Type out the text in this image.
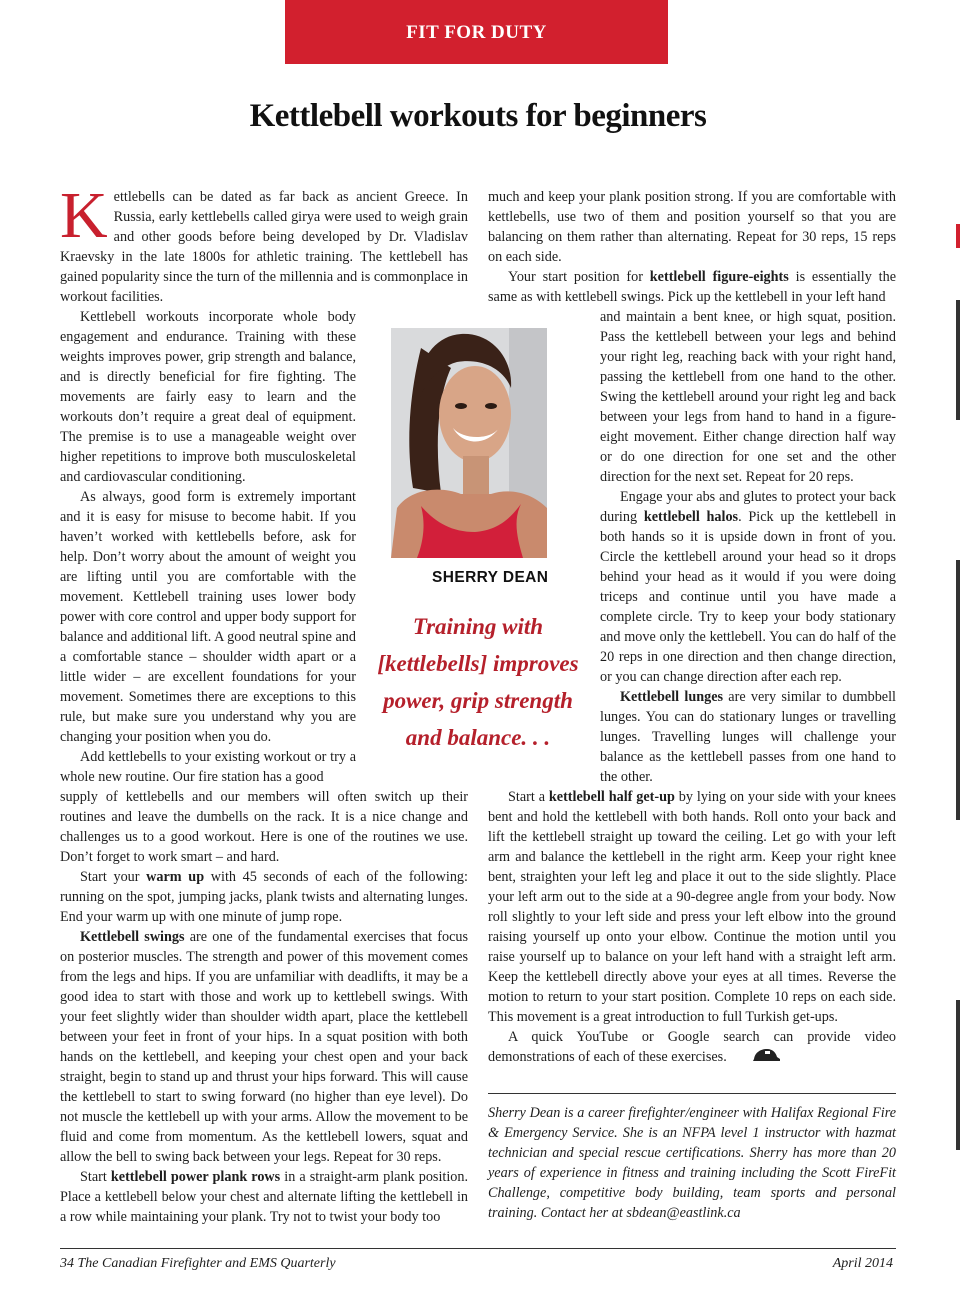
FIT FOR DUTY
Kettlebell workouts for beginners

Kettlebells can be dated as far back as ancient Greece. In Russia, early kettlebells called girya were used to weigh grain and other goods before being developed by Dr. Vladislav Kraevsky in the late 1800s for athletic training. The kettlebell has gained popularity since the turn of the millennia and is commonplace in workout facilities.

Kettlebell workouts incorporate whole body engagement and endurance. Training with these weights improves power, grip strength and balance, and is directly beneficial for fire fighting. The movements are fairly easy to learn and the workouts don’t require a great deal of equipment. The premise is to use a manageable weight over higher repetitions to improve both musculoskeletal and cardiovascular conditioning.

As always, good form is extremely important and it is easy for misuse to become habit. If you haven’t worked with kettlebells before, ask for help. Don’t worry about the amount of weight you are lifting until you are comfortable with the movement. Kettlebell training uses lower body power with core control and upper body support for balance and additional lift. A good neutral spine and a comfortable stance – shoulder width apart or a little wider – are excellent foundations for your movement. Sometimes there are exceptions to this rule, but make sure you understand why you are changing your position when you do.

Add kettlebells to your existing workout or try a whole new routine. Our fire station has a good

supply of kettlebells and our members will often switch up their routines and leave the dumbells on the rack. It is a nice change and challenges us to a good workout. Here is one of the routines we use. Don’t forget to work smart – and hard.

Start your warm up with 45 seconds of each of the following: running on the spot, jumping jacks, plank twists and alternating lunges. End your warm up with one minute of jump rope.

Kettlebell swings are one of the fundamental exercises that focus on posterior muscles. The strength and power of this movement comes from the legs and hips. If you are unfamiliar with deadlifts, it may be a good idea to start with those and work up to kettlebell swings. With your feet slightly wider than shoulder width apart, place the kettlebell between your feet in front of your hips. In a squat position with both hands on the kettlebell, and keeping your chest open and your back straight, begin to stand up and thrust your hips forward. This will cause the kettlebell to start to swing forward (no higher than eye level). Do not muscle the kettlebell up with your arms. Allow the movement to be fluid and come from momentum. As the kettlebell lowers, squat and allow the bell to swing back between your legs. Repeat for 30 reps.

Start kettlebell power plank rows in a straight-arm plank position. Place a kettlebell below your chest and alternate lifting the kettlebell in a row while maintaining your plank. Try not to twist your body too

much and keep your plank position strong. If you are comfortable with kettlebells, use two of them and position yourself so that you are balancing on them rather than alternating. Repeat for 30 reps, 15 reps on each side.

Your start position for kettlebell figure-eights is essentially the same as with kettlebell swings. Pick up the kettlebell in your left hand

and maintain a bent knee, or high squat, position. Pass the kettlebell between your legs and behind your right leg, reaching back with your right hand, passing the kettlebell from one hand to the other. Swing the kettlebell around your right leg and back between your legs from hand to hand in a figure-eight movement. Either change direction half way or do one direction for one set and the other direction for the next set. Repeat for 20 reps.

Engage your abs and glutes to protect your back during kettlebell halos. Pick up the kettlebell in both hands so it is upside down in front of you. Circle the kettlebell around your head so it drops behind your head as it would if you were doing triceps and continue until you have made a complete circle. Try to keep your body stationary and move only the kettlebell. You can do half of the 20 reps in one direction and then change direction, or you can change direction after each rep.

Kettlebell lunges are very similar to dumbbell lunges. You can do stationary lunges or travelling lunges. Travelling lunges will challenge your balance as the kettlebell passes from one hand to the other.

Start a kettlebell half get-up by lying on your side with your knees bent and hold the kettlebell with both hands. Roll onto your back and lift the kettlebell straight up toward the ceiling. Let go with your left arm and balance the kettlebell in the right arm. Keep your right knee bent, straighten your left leg and place it out to the side slightly. Place your left arm out to the side at a 90-degree angle from your body. Now roll slightly to your left side and press your left elbow into the ground raising yourself up onto your elbow. Continue the motion until you raise yourself up to balance on your left hand with a straight left arm. Keep the kettlebell directly above your eyes at all times. Reverse the motion to return to your start position. Complete 10 reps on each side. This movement is a great introduction to full Turkish get-ups.

A quick YouTube or Google search can provide video demonstrations of each of these exercises.

SHERRY DEAN
Training with [kettlebells] improves power, grip strength and balance. . .
Sherry Dean is a career firefighter/engineer with Halifax Regional Fire & Emergency Service. She is an NFPA level 1 instructor with hazmat technician and special rescue certifications. Sherry has more than 20 years of experience in fitness and training including the Scott FireFit Challenge, competitive body building, team sports and personal training. Contact her at sbdean@eastlink.ca
34 The Canadian Firefighter and EMS Quarterly	April 2014
